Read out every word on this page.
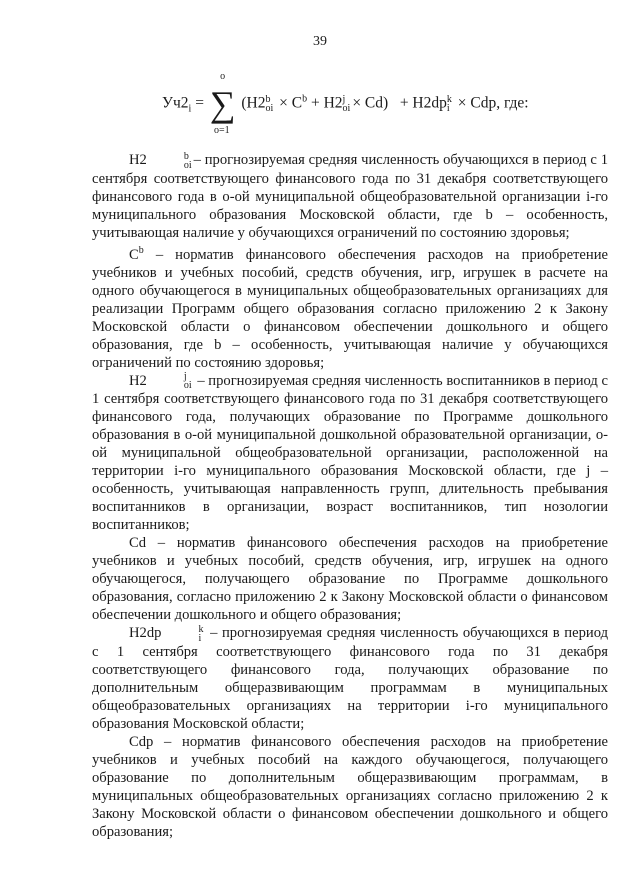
39
$Уч2_i$ = ∑
o
o=1
(Н2 b
oi × $C^b + Н2$ j
oi × Cd) + Н2dp k
i × Cdp, где:

Н2	b
oi – прогнозируемая средняя численность обучающихся в период с 1 сентября соответствующего финансового года по 31 декабря соответствующего финансового года в о-ой муниципальной общеобразовательной организации i-го муниципального образования Московской области, где b – особенность, учитывающая наличие у обучающихся ограничений по состоянию здоровья;

$C^b$ – норматив финансового обеспечения расходов на приобретение учебников и учебных пособий, средств обучения, игр, игрушек в расчете на одного обучающегося в муниципальных общеобразовательных организациях для реализации Программ общего образования согласно приложению 2 к Закону Московской области о финансовом обеспечении дошкольного и общего образования, где b – особенность, учитывающая наличие у обучающихся ограничений по состоянию здоровья;

Н2	j
oi – прогнозируемая средняя численность воспитанников в период с 1 сентября соответствующего финансового года по 31 декабря соответствующего финансового года, получающих образование по Программе дошкольного образования в о-ой муниципальной дошкольной образовательной организации, о-ой муниципальной общеобразовательной организации, расположенной на территории i-го муниципального образования Московской области, где j – особенность, учитывающая направленность групп, длительность пребывания воспитанников в организации, возраст воспитанников, тип нозологии воспитанников;

Cd – норматив финансового обеспечения расходов на приобретение учебников и учебных пособий, средств обучения, игр, игрушек на одного обучающегося, получающего образование по Программе дошкольного образования, согласно приложению 2 к Закону Московской области о финансовом обеспечении дошкольного и общего образования;

Н2dp	k
i – прогнозируемая средняя численность обучающихся в период с 1 сентября соответствующего финансового года по 31 декабря соответствующего финансового года, получающих образование по дополнительным общеразвивающим программам в муниципальных общеобразовательных организациях на территории i-го муниципального образования Московской области;

Cdp – норматив финансового обеспечения расходов на приобретение учебников и учебных пособий на каждого обучающегося, получающего образование по дополнительным общеразвивающим программам, в муниципальных общеобразовательных организациях согласно приложению 2 к Закону Московской области о финансовом обеспечении дошкольного и общего образования;
